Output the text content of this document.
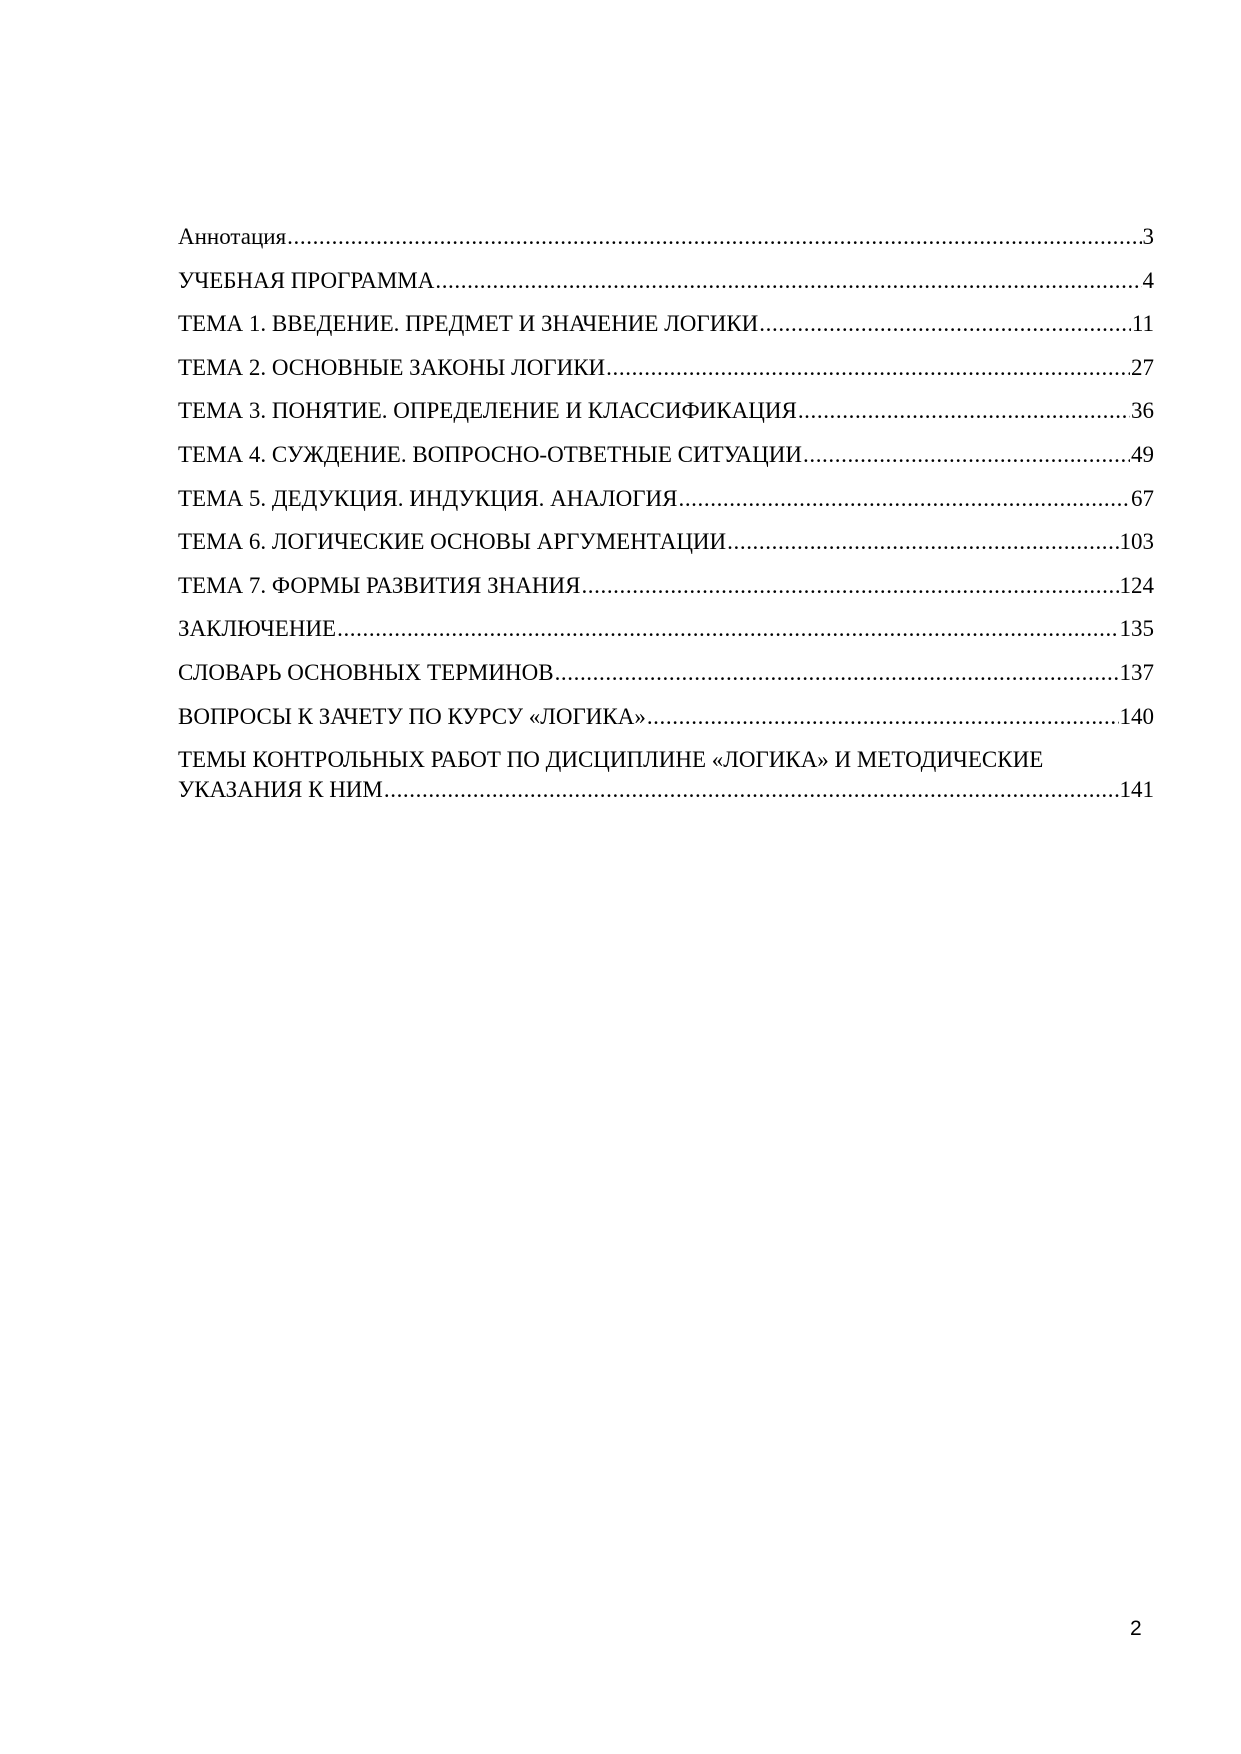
Аннотация .....	3
УЧЕБНАЯ ПРОГРАММА .....	4
ТЕМА 1. ВВЕДЕНИЕ. ПРЕДМЕТ И ЗНАЧЕНИЕ ЛОГИКИ .....	11
ТЕМА 2. ОСНОВНЫЕ ЗАКОНЫ ЛОГИКИ .....	27
ТЕМА 3. ПОНЯТИЕ. ОПРЕДЕЛЕНИЕ И КЛАССИФИКАЦИЯ .....	36
ТЕМА 4. СУЖДЕНИЕ. ВОПРОСНО-ОТВЕТНЫЕ СИТУАЦИИ .....	49
ТЕМА 5. ДЕДУКЦИЯ. ИНДУКЦИЯ. АНАЛОГИЯ .....	67
ТЕМА 6. ЛОГИЧЕСКИЕ ОСНОВЫ АРГУМЕНТАЦИИ .....	103
ТЕМА 7. ФОРМЫ РАЗВИТИЯ ЗНАНИЯ .....	124
ЗАКЛЮЧЕНИЕ .....	135
СЛОВАРЬ ОСНОВНЫХ ТЕРМИНОВ .....	137
ВОПРОСЫ К ЗАЧЕТУ ПО КУРСУ «ЛОГИКА» .....	140
ТЕМЫ КОНТРОЛЬНЫХ РАБОТ ПО ДИСЦИПЛИНЕ «ЛОГИКА» И МЕТОДИЧЕСКИЕ
УКАЗАНИЯ К НИМ .....	141
2
